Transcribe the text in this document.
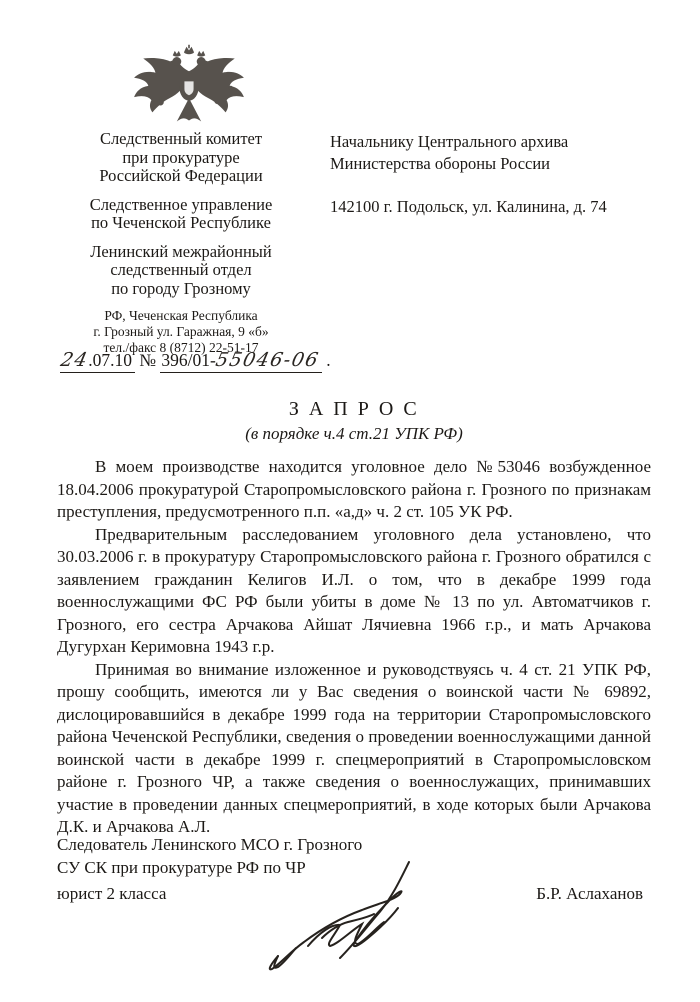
Следственный комитет
при прокуратуре
Российской Федерации
Следственное управление
по Чеченской Республике
Ленинский межрайонный
следственный отдел
по городу Грозному
РФ, Чеченская Республика
г. Грозный ул. Гаражная, 9 «б»
тел./факс 8 (8712) 22-51-17
Начальнику Центрального архива
Министерства обороны России
142100 г. Подольск, ул. Калинина, д. 74
24.07.10 № 396/01-55046-06 .
З А П Р О С
(в порядке ч.4 ст.21 УПК РФ)

В моем производстве находится уголовное дело №53046 возбужденное 18.04.2006 прокуратурой Старопромысловского района г. Грозного по признакам преступления, предусмотренного п.п. «а,д» ч. 2 ст. 105 УК РФ.

Предварительным расследованием уголовного дела установлено, что 30.03.2006 г. в прокуратуру Старопромысловского района г. Грозного обратился с заявлением гражданин Келигов И.Л. о том, что в декабре 1999 года военнослужащими ФС РФ были убиты в доме № 13 по ул. Автоматчиков г. Грозного, его сестра Арчакова Айшат Лячиевна 1966 г.р., и мать Арчакова Дугурхан Керимовна 1943 г.р.

Принимая во внимание изложенное и руководствуясь ч. 4 ст. 21 УПК РФ, прошу сообщить, имеются ли у Вас сведения о воинской части № 69892, дислоцировавшийся в декабре 1999 года на территории Старопромысловского района Чеченской Республики, сведения о проведении военнослужащими данной воинской части в декабре 1999 г. спецмероприятий в Старопромысловском районе г. Грозного ЧР, а также сведения о военнослужащих, принимавших участие в проведении данных спецмероприятий, в ходе которых были Арчакова Д.К. и Арчакова А.Л.

Следователь Ленинского МСО г. Грозного
СУ СК при прокуратуре РФ по ЧР
юрист 2 класса	Б.Р. Аслаханов
